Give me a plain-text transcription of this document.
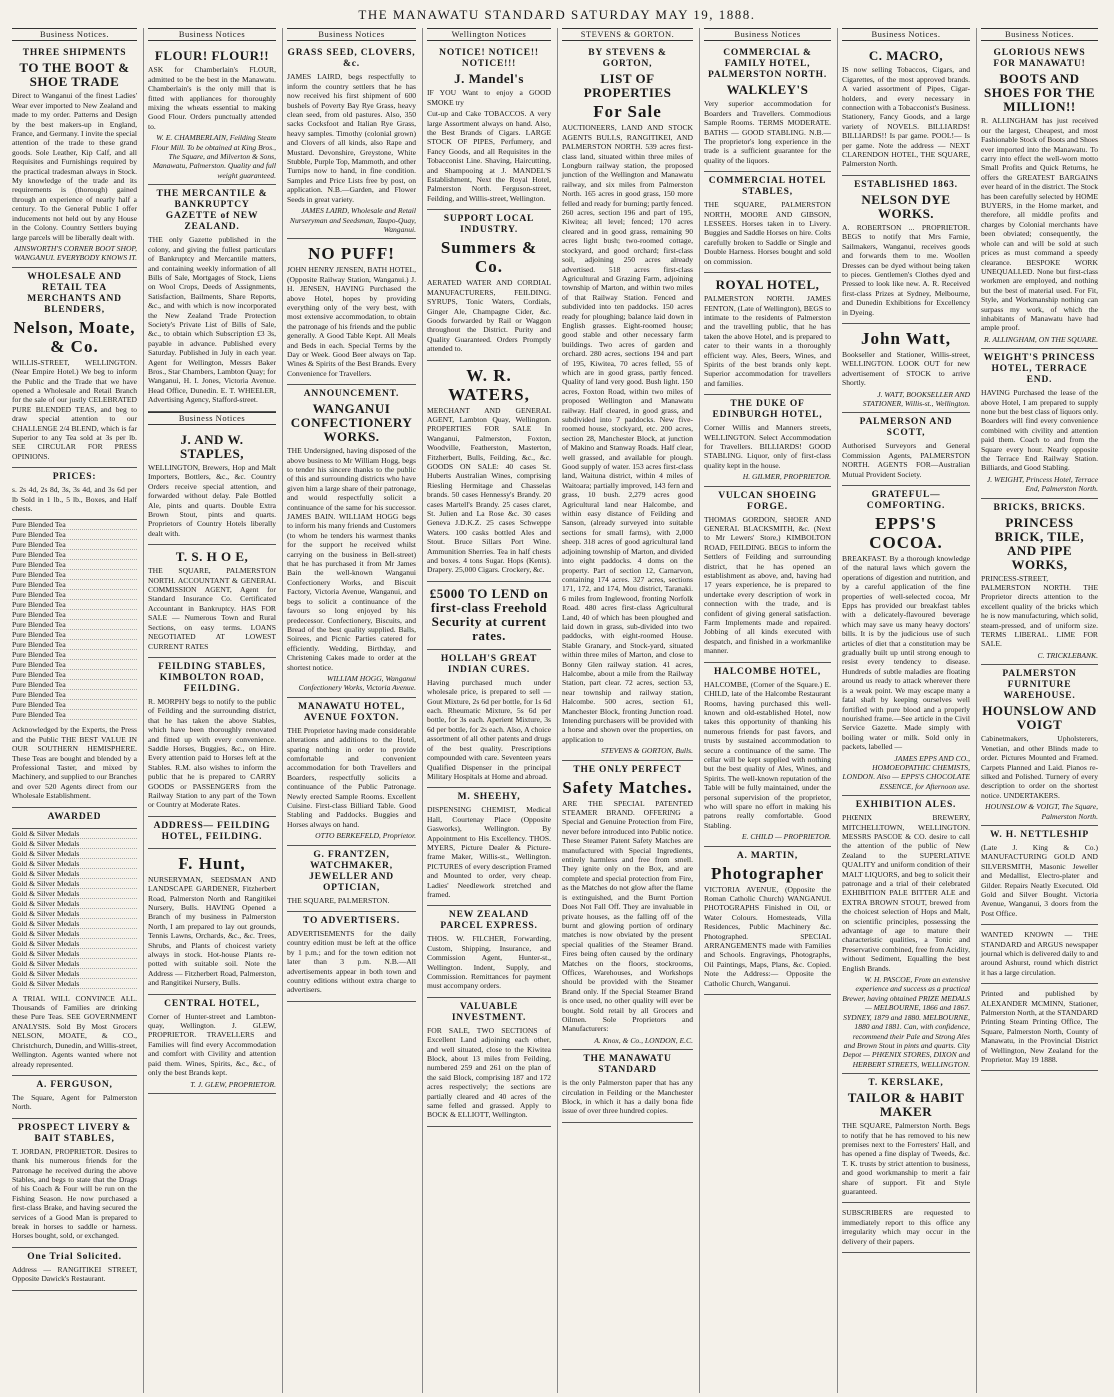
THE MANAWATU STANDARD SATURDAY MAY 19, 1888.
Business Notices.
THREE SHIPMENTS
TO THE BOOT & SHOE TRADE
Direct to Wanganui of the finest Ladies' Wear ever imported to New Zealand and made to my order. Patterns and Design by the best makers-up in England, France, and Germany. I invite the special attention of the trade to these grand goods. Sole Leather, Kip Calf, and all Requisites and Furnishings required by the practical tradesman always in Stock. My knowledge of the trade and its requirements is (thorough) gained through an experience of nearly half a century. To the General Public I offer inducements not held out by any House in the Colony. Country Settlers buying large parcels will be liberally dealt with.
AINSWORTH'S CORNER BOOT SHOP, WANGANUI. EVERYBODY KNOWS IT.
WHOLESALE AND RETAIL TEA MERCHANTS AND BLENDERS,
Nelson, Moate, & Co.
WILLIS-STREET, WELLINGTON. (Near Empire Hotel.) We beg to inform the Public and the Trade that we have opened a Wholesale and Retail Branch for the sale of our justly CELEBRATED PURE BLENDED TEAS, and beg to draw special attention to our CHALLENGE 2/4 BLEND, which is far Superior to any Tea sold at 3s per lb. SEE CIRCULAR FOR PRESS OPINIONS.
PRICES:
s. 2s 4d, 2s 8d, 3s, 3s 4d, and 3s 6d per lb Sold in 1 lb., 5 lb., Boxes, and Half chests.
Pure Blended Tea
Pure Blended Tea
Pure Blended Tea
Pure Blended Tea
Pure Blended Tea
Pure Blended Tea
Pure Blended Tea
Pure Blended Tea
Pure Blended Tea
Pure Blended Tea
Pure Blended Tea
Pure Blended Tea
Pure Blended Tea
Pure Blended Tea
Pure Blended Tea
Pure Blended Tea
Pure Blended Tea
Pure Blended Tea
Pure Blended Tea
Pure Blended Tea
Acknowledged by the Experts, the Press and the Public THE BEST VALUE IN OUR SOUTHERN HEMISPHERE. These Teas are bought and blended by a Professional Taster, and mixed by Machinery, and supplied to our Branches and over 520 Agents direct from our Wholesale Establishment.
AWARDED
Gold & Silver Medals
Gold & Silver Medals
Gold & Silver Medals
Gold & Silver Medals
Gold & Silver Medals
Gold & Silver Medals
Gold & Silver Medals
Gold & Silver Medals
Gold & Silver Medals
Gold & Silver Medals
Gold & Silver Medals
Gold & Silver Medals
Gold & Silver Medals
Gold & Silver Medals
Gold & Silver Medals
Gold & Silver Medals
A TRIAL WILL CONVINCE ALL. Thousands of Families are drinking these Pure Teas. SEE GOVERNMENT ANALYSIS. Sold By Most Grocers NELSON, MOATE, & CO., Christchurch, Dunedin, and Willis-street, Wellington. Agents wanted where not already represented.
A. FERGUSON,
The Square, Agent for Palmerston North.
PROSPECT LIVERY & BAIT STABLES,
T. JORDAN, PROPRIETOR. Desires to thank his numerous friends for the Patronage he received during the above Stables, and begs to state that the Drags of his Coach & Four will be run on the Fishing Season. He now purchased a first-class Brake, and having secured the services of a Good Man is prepared to break in horses to saddle or harness. Horses bought, sold, or exchanged.
One Trial Solicited.
Address — RANGITIKEI STREET, Opposite Dawick's Restaurant.
Business Notices
FLOUR! FLOUR!!
ASK for Chamberlain's FLOUR, admitted to be the best in the Manawatu. Chamberlain's is the only mill that is fitted with appliances for thoroughly mixing the wheats essential to making Good Flour. Orders punctually attended to.
W. E. CHAMBERLAIN, Feilding Steam Flour Mill. To be obtained at King Bros., The Square, and Milverton & Sons, Manawatu, Palmerston. Quality and full weight guaranteed.
THE MERCANTILE & BANKRUPTCY GAZETTE of NEW ZEALAND.
THE only Gazette published in the colony, and giving the fullest particulars of Bankruptcy and Mercantile matters, and containing weekly information of all Bills of Sale, Mortgages of Stock, Liens on Wool Crops, Deeds of Assignments, Satisfaction, Bailments, Share Reports, &c., and with which is now incorporated the New Zealand Trade Protection Society's Private List of Bills of Sale, &c., to obtain which Subscription £3 3s, payable in advance. Published every Saturday. Published in July in each year. Agent for Wellington, Messrs Baker Bros., Star Chambers, Lambton Quay; for Wanganui, H. I. Jones, Victoria Avenue. Head Office, Dunedin. E. T. WHEELER, Advertising Agency, Stafford-street.
Business Notices
J. AND W. STAPLES,
WELLINGTON, Brewers, Hop and Malt Importers, Bottlers, &c., &c. Country Orders receive special attention, and forwarded without delay. Pale Bottled Ale, pints and quarts. Double Extra Brown Stout, pints and quarts. Proprietors of Country Hotels liberally dealt with.
T. S. H O E,
THE SQUARE, PALMERSTON NORTH. ACCOUNTANT & GENERAL COMMISSION AGENT, Agent for Standard Insurance Co. Certificated Accountant in Bankruptcy. HAS FOR SALE — Numerous Town and Rural Sections, on easy terms. LOANS NEGOTIATED AT LOWEST CURRENT RATES
FEILDING STABLES, KIMBOLTON ROAD, FEILDING.
R. MORPHY begs to notify to the public of Feilding and the surrounding district, that he has taken the above Stables, which have been thoroughly renovated and fitted up with every convenience. Saddle Horses, Buggies, &c., on Hire. Every attention paid to Horses left at the Stables. R.M. also wishes to inform the public that he is prepared to CARRY GOODS or PASSENGERS from the Railway Station to any part of the Town or Country at Moderate Rates.
ADDRESS— FEILDING HOTEL, FEILDING.
F. Hunt,
NURSERYMAN, SEEDSMAN AND LANDSCAPE GARDENER, Fitzherbert Road, Palmerston North and Rangitikei Nursery, Bulls. HAVING Opened a Branch of my business in Palmerston North, I am prepared to lay out grounds, Tennis Lawns, Orchards, &c., &c. Trees, Shrubs, and Plants of choicest variety always in stock. Hot-house Plants re-potted with suitable soil. Note the Address — Fitzherbert Road, Palmerston, and Rangitikei Nursery, Bulls.
CENTRAL HOTEL,
Corner of Hunter-street and Lambton-quay, Wellington. J. GLEW, PROPRIETOR. TRAVELLERS and Families will find every Accommodation and comfort with Civility and attention paid them. Wines, Spirits, &c., &c., of only the best Brands kept.
T. J. GLEW, PROPRIETOR.
Business Notices
GRASS SEED, CLOVERS, &c.
JAMES LAIRD, begs respectfully to inform the country settlers that he has now received his first shipment of 600 bushels of Poverty Bay Rye Grass, heavy clean seed, from old pastures. Also, 350 sacks Cocksfoot and Italian Rye Grass, heavy samples. Timothy (colonial grown) and Clovers of all kinds, also Rape and Mustard. Devonshire, Greystone, White Stubble, Purple Top, Mammoth, and other Turnips now to hand, in fine condition. Samples and Price Lists free by post, on application. N.B.—Garden, and Flower Seeds in great variety.
JAMES LAIRD, Wholesale and Retail Nurseryman and Seedsman, Taupo-Quay, Wanganui.
NO PUFF!
JOHN HENRY JENSEN, BATH HOTEL, (Opposite Railway Station, Wanganui.) J. H. JENSEN, HAVING Purchased the above Hotel, hopes by providing everything only of the very best, with most extensive accommodation, to obtain the patronage of his friends and the public generally. A Good Table Kept. All Meals and Beds in each. Special Terms by the Day or Week. Good Beer always on Tap. Wines & Spirits of the Best Brands. Every Convenience for Travellers.
ANNOUNCEMENT.
WANGANUI CONFECTIONERY WORKS.
THE Undersigned, having disposed of the above business to Mr William Hogg, begs to tender his sincere thanks to the public of this and surrounding districts who have given him a large share of their patronage, and would respectfully solicit a continuance of the same for his successor. JAMES BAIN. WILLIAM HOGG begs to inform his many friends and Customers (to whom he tenders his warmest thanks for the support he received whilst carrying on the business in Bell-street) that he has purchased it from Mr James Bain the well-known Wanganui Confectionery Works, and Biscuit Factory, Victoria Avenue, Wanganui, and begs to solicit a continuance of the favours so long enjoyed by his predecessor. Confectionery, Biscuits, and Bread of the best quality supplied. Balls, Soirees, and Picnic Parties catered for efficiently. Wedding, Birthday, and Christening Cakes made to order at the shortest notice.
WILLIAM HOGG, Wanganui Confectionery Works, Victoria Avenue.
MANAWATU HOTEL, AVENUE FOXTON.
THE Proprietor having made considerable alterations and additions to the Hotel, sparing nothing in order to provide comfortable and convenient accommodation for both Travellers and Boarders, respectfully solicits a continuance of the Public Patronage. Newly erected Sample Rooms. Excellent Cuisine. First-class Billiard Table. Good Stabling and Paddocks. Buggies and Horses always on hand.
OTTO BERKEFELD, Proprietor.
G. FRANTZEN, WATCHMAKER, JEWELLER AND OPTICIAN,
THE SQUARE, PALMERSTON.
TO ADVERTISERS.
ADVERTISEMENTS for the daily country edition must be left at the office by 1 p.m.; and for the town edition not later than 3 p.m. N.B.—All advertisements appear in both town and country editions without extra charge to advertisers.
Wellington Notices
NOTICE! NOTICE!! NOTICE!!!
J. Mandel's
IF YOU Want to enjoy a GOOD SMOKE try
Cut-up and Cake TOBACCOS. A very large Assortment always on hand. Also, the Best Brands of Cigars. LARGE STOCK OF PIPES, Perfumery, and Fancy Goods, and all Requisites in the Tobacconist Line. Shaving, Haircutting, and Shampooing at J. MANDEL'S Establishment, Next the Royal Hotel, Palmerston North. Ferguson-street, Feilding, and Willis-street, Wellington.
SUPPORT LOCAL INDUSTRY.
Summers & Co.
AERATED WATER AND CORDIAL MANUFACTURERS, FEILDING. SYRUPS, Tonic Waters, Cordials, Ginger Ale, Champagne Cider, &c. Goods forwarded by Rail or Waggon throughout the District. Purity and Quality Guaranteed. Orders Promptly attended to.
W. R. WATERS,
MERCHANT AND GENERAL AGENT, Lambton Quay, Wellington. PROPERTIES FOR SALE In Wanganui, Palmerston, Foxton, Woodville, Featherston, Masterton, Fitzherbert, Bulls, Feilding, &c., &c. GOODS ON SALE: 40 cases St. Huberts Australian Wines, comprising Riesling Hermitage and Chasselas brands. 50 cases Hennessy's Brandy. 20 cases Martell's Brandy. 25 cases claret, St. Julien and La Rose &c. 30 cases Geneva J.D.K.Z. 25 cases Schweppe Waters. 100 casks bottled Ales and Stout. Bruce Sillars Port Wine. Ammunition Sherries. Tea in half chests and boxes. 4 tons Sugar. Hops (Kents). Drapery. 25,000 Cigars. Crockery, &c.
£5000 TO LEND on first-class Freehold Security at current rates.
HOLLAH'S GREAT INDIAN CURES.
Having purchased much under wholesale price, is prepared to sell — Gout Mixture, 2s 6d per bottle, for 1s 6d each. Rheumatic Mixture, 5s 6d per bottle, for 3s each. Aperient Mixture, 3s 6d per bottle, for 2s each. Also, A choice assortment of all other patents and drugs of the best quality. Prescriptions compounded with care. Seventeen years Qualified Dispenser in the principal Military Hospitals at Home and abroad.
M. SHEEHY,
DISPENSING CHEMIST, Medical Hall, Courtenay Place (Opposite Gasworks), Wellington. By Appointment to His Excellency. THOS. MYERS, Picture Dealer & Picture-frame Maker, Willis-st., Wellington. PICTURES of every description Framed and Mounted to order, very cheap. Ladies' Needlework stretched and framed.
NEW ZEALAND PARCEL EXPRESS.
THOS. W. FILCHER, Forwarding, Custom, Shipping, Insurance, and Commission Agent, Hunter-st., Wellington. Indent, Supply, and Commission. Remittances for payment must accompany orders.
VALUABLE INVESTMENT.
FOR SALE, TWO SECTIONS of Excellent Land adjoining each other, and well situated, close to the Kiwitea Block, about 13 miles from Feilding, numbered 259 and 261 on the plan of the said Block, comprising 187 and 172 acres respectively; the sections are partially cleared and 40 acres of the same felled and grassed. Apply to BOCK & ELLIOTT, Wellington.
STEVENS & GORTON.
BY STEVENS & GORTON,
LIST OF PROPERTIES
For Sale
AUCTIONEERS, LAND AND STOCK AGENTS BULLS, RANGITIKEI, AND PALMERSTON NORTH. 539 acres first-class land, situated within three miles of Longburn railway station, the proposed junction of the Wellington and Manawatu railway, and six miles from Palmerston North. 165 acres in good grass, 150 more felled and ready for burning; partly fenced. 260 acres, section 196 and part of 195, Kiwitea; all level; fenced; 170 acres cleared and in good grass, remaining 90 acres light bush; two-roomed cottage, stockyard, and good orchard; first-class soil, adjoining 250 acres already advertised. 518 acres first-class Agricultural and Grazing Farm, adjoining township of Marton, and within two miles of that Railway Station. Fenced and subdivided into ten paddocks. 150 acres ready for ploughing; balance laid down in English grasses. Eight-roomed house; good stable and other necessary farm buildings. Two acres of garden and orchard. 280 acres, sections 194 and part of 195, Kiwitea, 70 acres felled, 55 of which are in good grass, partly fenced. Quality of land very good. Bush light. 150 acres, Foxton Road, within two miles of proposed Wellington and Manawatu railway. Half cleared, in good grass, and subdivided into 7 paddocks. New five-roomed house, stockyard, etc. 200 acres, section 28, Manchester Block, at junction of Makino and Stanway Roads. Half clear, well grassed, and available for plough. Good supply of water. 153 acres first-class land, Waituna district, within 4 miles of Waitoara; partially improved, 143 fern and grass, 10 bush. 2,279 acres good Agricultural land near Halcombe, and within easy distance of Feilding and Sanson, (already surveyed into suitable sections for small farms), with 2,000 sheep. 318 acres of good agricultural land adjoining township of Marton, and divided into eight paddocks. 4 doms on the property. Part of section 12, Carnarvon, containing 174 acres. 327 acres, sections 171, 172, and 174, Mou district, Taranaki. 6 miles from Inglewood, fronting Norfolk Road. 480 acres first-class Agricultural Land, 40 of which has been ploughed and laid down in grass, sub-divided into two paddocks, with eight-roomed House. Stable Granary, and Stock-yard, situated within three miles of Marton, and close to Bonny Glen railway station. 41 acres, Halcombe, about a mile from the Railway Station, part clear. 72 acres, section 53, near township and railway station, Halcombe. 500 acres, section 61, Manchester Block, fronting Junction road. Intending purchasers will be provided with a horse and shown over the properties, on application to
STEVENS & GORTON, Bulls.
THE ONLY PERFECT
Safety Matches.
ARE THE SPECIAL PATENTED STEAMER BRAND. OFFERING a Special and Genuine Protection from Fire, never before introduced into Public notice. These Steamer Patent Safety Matches are manufactured with Special Ingredients, entirely harmless and free from smell. They ignite only on the Box, and are complete and special protection from Fire, as the Matches do not glow after the flame is extinguished, and the Burnt Portion Does Not Fall Off. They are invaluable in private houses, as the falling off of the burnt and glowing portion of ordinary matches is now obviated by the present special qualities of the Steamer Brand. Fires being often caused by the ordinary Matches on the floors, stockrooms, Offices, Warehouses, and Workshops should be provided with the Steamer Brand only. If the Special Steamer Brand is once used, no other quality will ever be bought. Sold retail by all Grocers and Oilmen. Sole Proprietors and Manufacturers:
A. Knox, & Co., LONDON, E.C.
THE MANAWATU STANDARD
is the only Palmerston paper that has any circulation in Feilding or the Manchester Block, in which it has a daily bona fide issue of over three hundred copies.
Business Notices
COMMERCIAL & FAMILY HOTEL, PALMERSTON NORTH.
WALKLEY'S
Very superior accommodation for Boarders and Travellers. Commodious Sample Rooms. TERMS MODERATE. BATHS — GOOD STABLING. N.B.—The proprietor's long experience in the trade is a sufficient guarantee for the quality of the liquors.
COMMERCIAL HOTEL STABLES,
THE SQUARE, PALMERSTON NORTH, MOORE AND GIBSON, LESSEES. Horses taken in to Livery. Buggies and Saddle Horses on hire. Colts carefully broken to Saddle or Single and Double Harness. Horses bought and sold on commission.
ROYAL HOTEL,
PALMERSTON NORTH. JAMES FENTON, (Late of Wellington), BEGS to intimate to the residents of Palmerston and the travelling public, that he has taken the above Hotel, and is prepared to cater to their wants in a thoroughly efficient way. Ales, Beers, Wines, and Spirits of the best brands only kept. Superior accommodation for travellers and families.
THE DUKE OF EDINBURGH HOTEL,
Corner Willis and Manners streets, WELLINGTON. Select Accommodation for Travellers. BILLIARDS! GOOD STABLING. Liquor, only of first-class quality kept in the house.
H. GILMER, PROPRIETOR.
VULCAN SHOEING FORGE.
THOMAS GORDON, SHOER AND GENERAL BLACKSMITH, &c. (Next to Mr Lewers' Store,) KIMBOLTON ROAD, FEILDING. BEGS to inform the Settlers of Feilding and surrounding district, that he has opened an establishment as above, and, having had 17 years experience, he is prepared to undertake every description of work in connection with the trade, and is confident of giving general satisfaction. Farm Implements made and repaired. Jobbing of all kinds executed with despatch, and finished in a workmanlike manner.
HALCOMBE HOTEL,
HALCOMBE, (Corner of the Square.) E. CHILD, late of the Halcombe Restaurant Rooms, having purchased this well-known and old-established Hotel, now takes this opportunity of thanking his numerous friends for past favors, and trusts by sustained accommodation to secure a continuance of the same. The cellar will be kept supplied with nothing but the best quality of Ales, Wines, and Spirits. The well-known reputation of the Table will be fully maintained, under the personal supervision of the proprietor, who will spare no effort in making his patrons really comfortable. Good Stabling.
E. CHILD — PROPRIETOR.
A. MARTIN,
Photographer
VICTORIA AVENUE, (Opposite the Roman Catholic Church) WANGANUI. PHOTOGRAPHS Finished in Oil, or Water Colours. Homesteads, Villa Residences, Public Machinery &c. Photographed. SPECIAL ARRANGEMENTS made with Families and Schools. Engravings, Photographs, Oil Paintings, Maps, Plans, &c. Copied. Note the Address:— Opposite the Catholic Church, Wanganui.
Business Notices.
C. MACRO,
IS now selling Tobaccos, Cigars, and Cigarettes, of the most approved brands. A varied assortment of Pipes, Cigar-holders, and every necessary in connection with a Tobacconist's Business. Stationery, Fancy Goods, and a large variety of NOVELS. BILLIARDS! BILLIARDS!! Is par game. POOL!— Is per game. Note the address — NEXT CLARENDON HOTEL, THE SQUARE, Palmerston North.
ESTABLISHED 1863.
NELSON DYE WORKS.
A. ROBERTSON ... PROPRIETOR. BEGS to notify that Mrs Farnie, Sailmakers, Wanganui, receives goods and forwards them to me. Woollen Dresses can be dyed without being taken to pieces. Gentlemen's Clothes dyed and Pressed to look like new. A. R. Received first-class Prizes at Sydney, Melbourne, and Dunedin Exhibitions for Excellency in Dyeing.
John Watt,
Bookseller and Stationer, Willis-street, WELLINGTON. LOOK OUT for new advertisement of STOCK to arrive Shortly.
J. WATT, BOOKSELLER AND STATIONER, Willis-st., Wellington.
PALMERSON AND SCOTT,
Authorised Surveyors and General Commission Agents, PALMERSTON NORTH. AGENTS FOR—Australian Mutual Provident Society.
GRATEFUL—COMFORTING.
EPPS'S COCOA.
BREAKFAST. By a thorough knowledge of the natural laws which govern the operations of digestion and nutrition, and by a careful application of the fine properties of well-selected cocoa, Mr Epps has provided our breakfast tables with a delicately-flavoured beverage which may save us many heavy doctors' bills. It is by the judicious use of such articles of diet that a constitution may be gradually built up until strong enough to resist every tendency to disease. Hundreds of subtle maladies are floating around us ready to attack wherever there is a weak point. We may escape many a fatal shaft by keeping ourselves well fortified with pure blood and a properly nourished frame.—See article in the Civil Service Gazette. Made simply with boiling water or milk. Sold only in packets, labelled —
JAMES EPPS AND CO., HOMOEOPATHIC CHEMISTS, LONDON. Also — EPPS'S CHOCOLATE ESSENCE, for Afternoon use.
EXHIBITION ALES.
PHŒNIX BREWERY, MITCHELLTOWN, WELLINGTON. MESSRS PASCOE & CO. desire to call the attention of the public of New Zealand to the SUPERLATIVE QUALITY and uniform condition of their MALT LIQUORS, and beg to solicit their patronage and a trial of their celebrated EXHIBITION PALE BITTER ALE and EXTRA BROWN STOUT, brewed from the choicest selection of Hops and Malt, on scientific principles, possessing the advantage of age to mature their characteristic qualities, a Tonic and Preservative combined, free from Acidity, without Sediment, Equalling the best English Brands.
W. H. PASCOE, From an extensive experience and success as a practical Brewer, having obtained PRIZE MEDALS — MELBOURNE, 1866 and 1867. SYDNEY, 1879 and 1880. MELBOURNE, 1880 and 1881. Can, with confidence, recommend their Pale and Strong Ales and Brown Stout in pints and quarts. City Depot — PHŒNIX STORES, DIXON and HERBERT STREETS, WELLINGTON.
T. KERSLAKE,
TAILOR & HABIT MAKER
THE SQUARE, Palmerston North. Begs to notify that he has removed to his new premises next to the Forresters' Hall, and has opened a fine display of Tweeds, &c. T. K. trusts by strict attention to business, and good workmanship to merit a fair share of support. Fit and Style guaranteed.
SUBSCRIBERS are requested to immediately report to this office any irregularity which may occur in the delivery of their papers.
Business Notices.
GLORIOUS NEWS FOR MANAWATU!
BOOTS AND SHOES FOR THE MILLION!!
R. ALLINGHAM has just received our the largest, Cheapest, and most Fashionable Stock of Boots and Shoes ever imported into the Manawatu. To carry into effect the well-worn motto Small Profits and Quick Returns, he offers the GREATEST BARGAINS ever heard of in the district. The Stock has been carefully selected by HOME BUYERS, in the Home market, and therefore, all middle profits and charges by Colonial merchants have been obviated; consequently, the whole can and will be sold at such prices as must command a speedy clearance. BESPOKE WORK UNEQUALLED. None but first-class workmen are employed, and nothing but the best of material used. For Fit, Style, and Workmanship nothing can surpass my work, of which the inhabitants of Manawatu have had ample proof.
R. ALLINGHAM, ON THE SQUARE.
WEIGHT'S PRINCESS HOTEL, TERRACE END.
HAVING Purchased the lease of the above Hotel, I am prepared to supply none but the best class of liquors only. Boarders will find every convenience combined with civility and attention paid them. Coach to and from the Square every hour. Nearly opposite the Terrace End Railway Station. Billiards, and Good Stabling.
J. WEIGHT, Princess Hotel, Terrace End, Palmerston North.
BRICKS, BRICKS.
PRINCESS BRICK, TILE, AND PIPE WORKS,
PRINCESS-STREET, PALMERSTON NORTH. THE Proprietor directs attention to the excellent quality of the bricks which he is now manufacturing, which solid, steam-pressed, and of uniform size. TERMS LIBERAL. LIME FOR SALE.
C. TRICKLEBANK.
PALMERSTON FURNITURE WAREHOUSE.
HOUNSLOW AND VOIGT
Cabinetmakers, Upholsterers, Venetian, and other Blinds made to order. Pictures Mounted and Framed. Carpets Planned and Laid. Pianos re-silked and Polished. Turnery of every description to order on the shortest notice. UNDERTAKERS.
HOUNSLOW & VOIGT, The Square, Palmerston North.
W. H. NETTLESHIP
(Late J. King & Co.) MANUFACTURING GOLD AND SILVERSMITH, Masonic Jeweller and Medallist, Electro-plater and Gilder. Repairs Neatly Executed. Old Gold and Silver Bought. Victoria Avenue, Wanganui, 3 doors from the Post Office.
WANTED KNOWN — THE STANDARD and ARGUS newspaper journal which is delivered daily to and around Ashurst, round which district it has a large circulation.
Printed and published by ALEXANDER MCMINN, Stationer, Palmerston North, at the STANDARD Printing Steam Printing Office, The Square, Palmerston North, County of Manawatu, in the Provincial District of Wellington, New Zealand for the Proprietor. May 19 1888.
